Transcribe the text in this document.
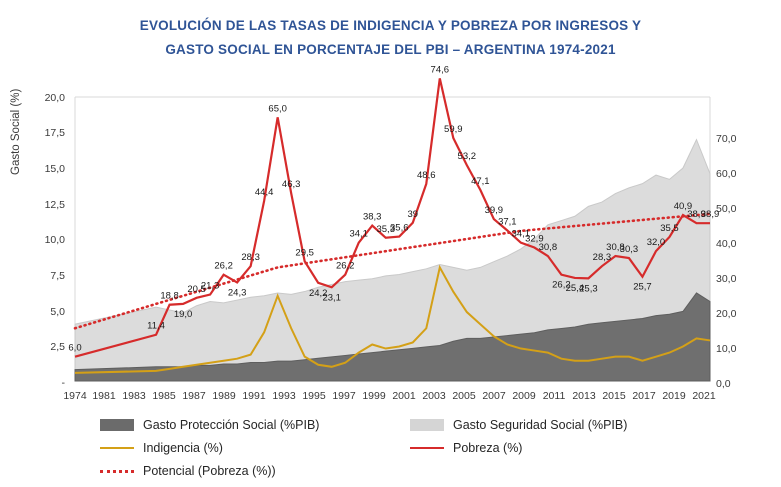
EVOLUCIÓN DE LAS TASAS DE INDIGENCIA Y POBREZA POR INGRESOS Y
GASTO SOCIAL EN PORCENTAJE DEL PBI – ARGENTINA 1974-2021
Gasto Social (%)	20,0
17,5
15,0
12,5
10,0
7,5
5,0
2,5
-
70,0
60,0
50,0
40,0
30,0
20,0
10,0
0,0
1974 1981 1983 1985 1987 1989 1991 1993 1995 1997 1999 2001 2003 2005 2007 2009 2011 2013 2015 2017 2019 2021
6,0
11,4
18,8
19,0
20,5
21,3
26,2
24,3
28,3
44,4
65,0
46,3
29,5
24,2
23,1
26,2
34,1
38,3
35,3
35,6
39
48,6
74,6
59,9
53,2
47,1
39,9
37,1
34,1
32,9
30,8
26,2
25,4
25,3
28,3
30,8
30,3
25,7
32,0
35,5
40,9
38,9
38,9
Gasto Protección Social (%PIB)	Gasto Seguridad Social (%PIB)
Indigencia (%)	Pobreza (%)
Potencial (Pobreza (%))
